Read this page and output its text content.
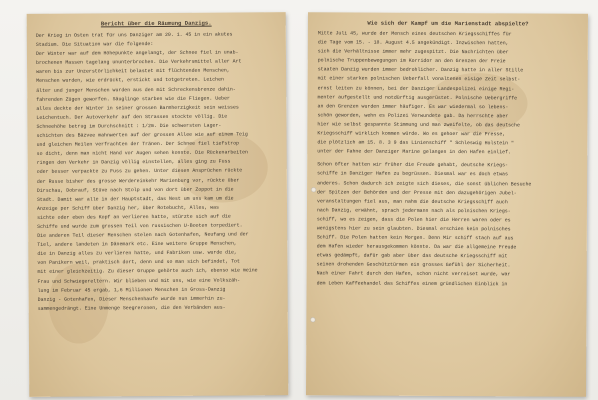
Bericht über die Räumung Danzigs.
Der Krieg in Osten trat für uns Danziger am 20. 1. 45 in ein akutes
Stadium. Die Situation war die folgende:
Der Winter war auf dem Höhepunkte angelangt, der Schnee fiel in unab-
brochenen Massen tagelang ununterbrochen. Die Verkehrsmittel aller Art
waren bis zur Unzerstörlichkeit belastet mit flüchtenden Menschen,
Menschen wurden, wie erdrückt, erstickt und totgetreten. Leichen
älter und junger Menschen wurden aus den mit Schreckensbrenze dahin-
fahrenden Zügen geworfen. Säuglinge starben wie die Fliegen. Ueber
alles deckte der Winter in seiner grossen Barmherzigkeit sein weisses
Leichentuch. Der Autoverkehr auf den Strassen stockte völlig. Die
Schneehöhe betrug im Durchschnitt : 1/2m. Die schwersten Lager-
schichten des Bäzvee mahnwerten auf der grossen Allee wie auf einem Teig
und gleichen Meilen verfrachten der Tränen. Der Schnee fiel tiefstrop
so dicht, denn man nicht Hand vor Augen sehen konnte. Die Rückenarbeiten
ringen den Verkehr in Danzig völlig einstellen, alles ging zu Fuss
oder besser verpackte zu Fuss zu gehen. Unter diesen Ansprüchen rückte
der Russe bisher des grosse Werdereinkehr Marienburg vor, rückte über
Dirschau, Dobrauf, Stüve nach Stolp und von dort über Zoppot in die
Stadt. Damit war alle in der Hauptstadt, das Nest um uns kam um die
Anzeige per Schiff über Danzig her, über Rotebucht, Alles, was
sichte oder eben des Kopf an verlieren hatte, stürzte sich auf die
Schiffe und wurde zum grossen Teil von russischen U-Booten torpediert.
Die anderen Teil dieser Menschen stelen nach Gotenhafen, Neufang und der
Tiel, andere landeten in Dänemark etc. Eine weitere Gruppe Menschen,
die in Danzig alles zu verlieren hatte, und Fabriken usw. wurde die,
von Panikern weil, praktisch dort, denn und so man sich befindet, Tot
mit einer gleichzeitig. Zu dieser Gruppe gehörte auch ich, ebenso wie meine
Frau und Schwiegereltern. Wir blieben und mit uns, wie eine Volkszäh-
lung im Februar 45 ergab, 1,6 Millionen Menschen in Gross-Danzig
Danzig - Gotenhafen, Dieser Menschenhaufe wurde nun immerhin zu-
sammengedrängt. Eine Unmenge Seegreronen, die den Verbänden aus-
Wie sich der Kampf um die Marienstadt abspielte?
Mitte Juli 45, wurde der Mensch eines deutschen Kriegsschiffes für
die Tage vom 15. - 18. August 4.5 angekündigt. Inzwischen hatten,
sich die Verhältnisse immer mehr zugespitzt. Die Nachrichten über
polnische Truppenbewegungen im Korridor an den Grenzen der Freie
staaten Danzig wurden immer bedrohlicher. Danzig hatte in aller Stille
mit einer starken polnischen Ueberfall vonaltenen eisige Zeit selbst-
ernst leiten zu können, bei der Danziger Landespolizei einige Regi-
menter aufgestellt und notdürftig ausgerüstet. Polnische Uebergriffe
an den Grenzen wurden immer häufiger. Es war wiedermal so lebens-
schön geworden, wehn es Polizei Verwundete gab. Da herrschte aber
hier wie selbst gespannte Stimmung und man zweifelte, ob das deutsche
Kriegsschiff wirklich kommen würde. Wo es gehoer war die Presse,
die plötzlich am 15. 8. 3 9 das Linienschiff " Schleswig Holstein "
unter der Fahne der Danziger Marine gelangen in den Hafen einlief.
Schon öfter hatten wir früher die Freude gehabt, deutsche Kriegs-
schiffe in Danziger Hafen zu begrüssen. Diesmal war es doch etwas
anderes. Schon dadurch ich zeigte sich dieses, die sonst üblichen Besuche
der Spitzen der Behörden und der Presse mit den dazugehörigen Jubel-
veranstaltungen fiel aus, man nahm die deutsche Kriegsschiff auch
nach Danzig, erwähnt, sprach jedermann nach als polnischen Kriegs-
schiff, wo es zeigen, dass die Polen hier die Herren waren oder es
wenigstens hier zu sein glaubten. Diesmal erschien kein polnisches
Schiff. Die Polen hatten kein Morgen. Denn Mir schiff stach auf aus
dem Hafen wieder herausgekommen könnte. Da war die allgemeine Freude
etwas gedämpft, dafür gab aber über das deutsche Kriegsschiff mit
seinen drohenden Geschütztürmen ein grosses Gefühl der Sicherheit.
Nach einer Fahrt durch den Hafen, schon nicht verreiset wurde, war
dem Leben Kaffeehandel das Schiffes einem gründlichen Einblick in
